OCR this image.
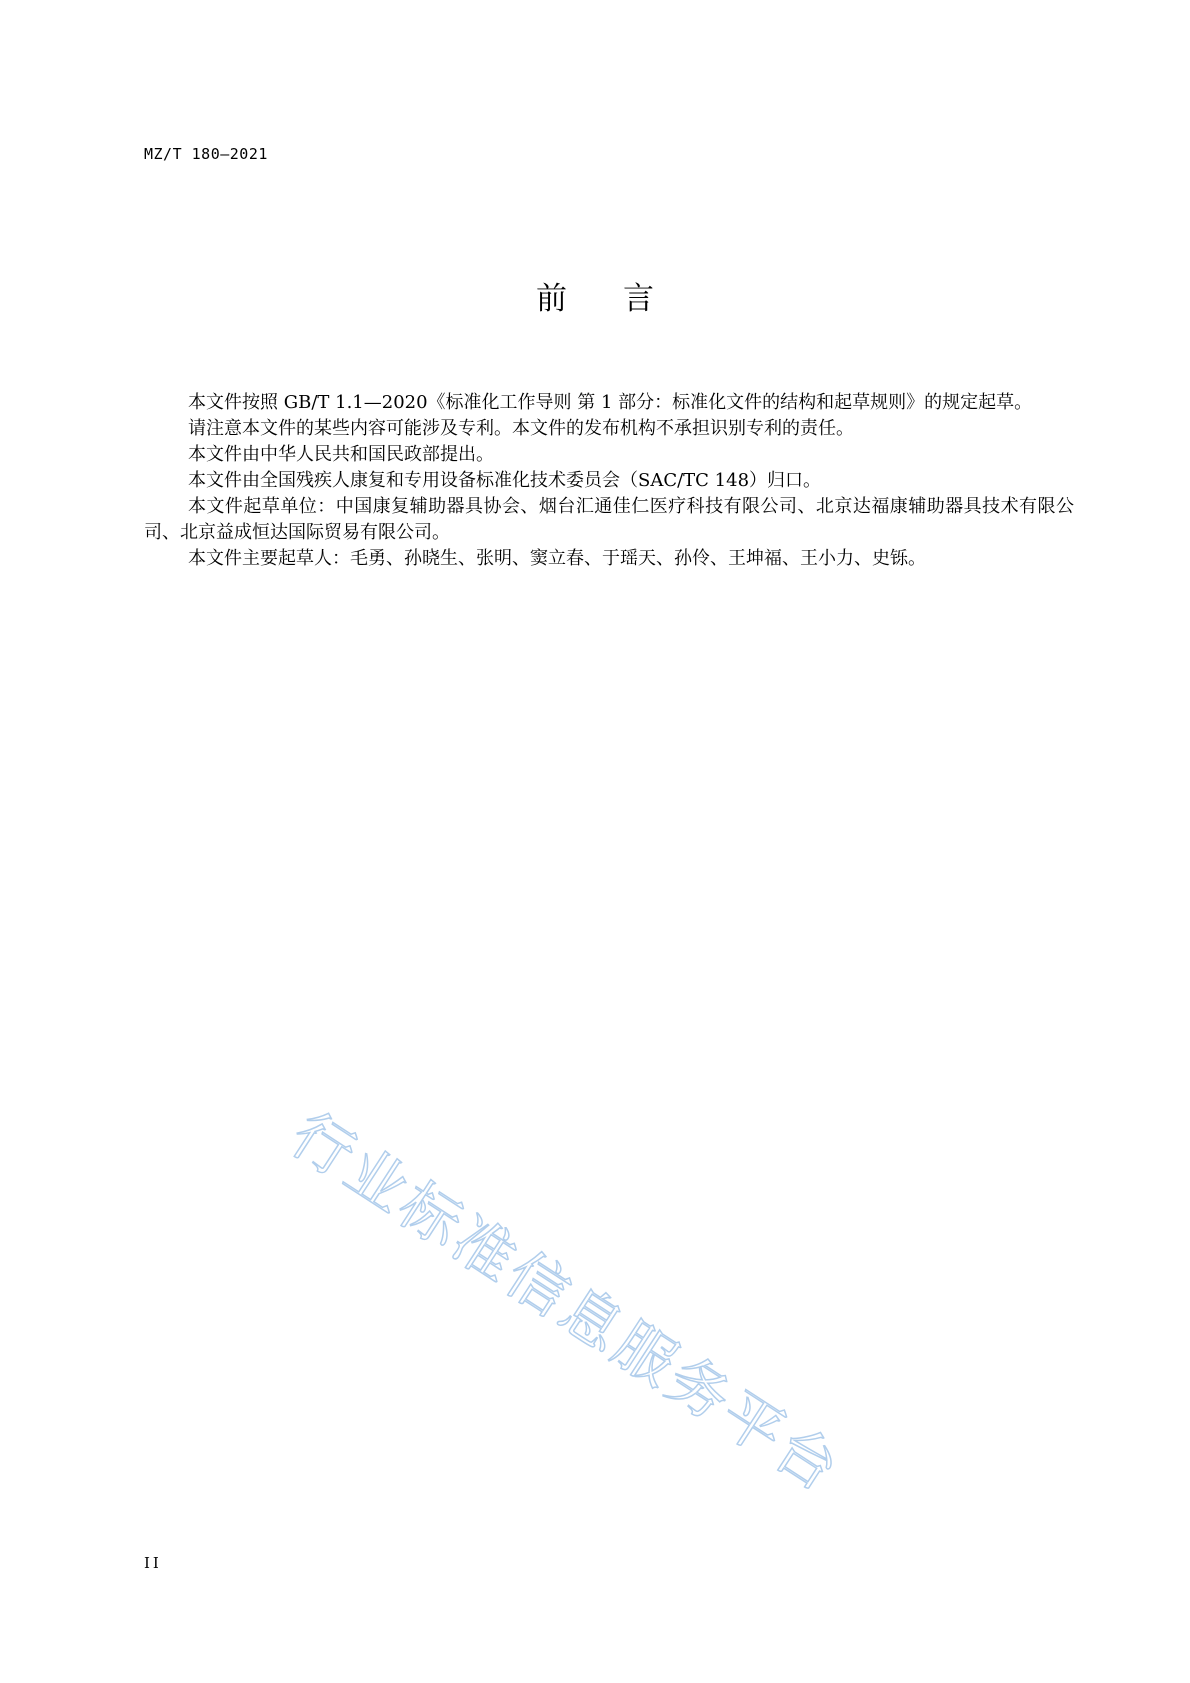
MZ/T 180—2021
前言

本文件按照 GB/T 1.1—2020《标准化工作导则 第 1 部分：标准化文件的结构和起草规则》的规定起草。

请注意本文件的某些内容可能涉及专利。本文件的发布机构不承担识别专利的责任。

本文件由中华人民共和国民政部提出。

本文件由全国残疾人康复和专用设备标准化技术委员会（SAC/TC 148）归口。

本文件起草单位：中国康复辅助器具协会、烟台汇通佳仁医疗科技有限公司、北京达福康辅助器具技术有限公司、北京益成恒达国际贸易有限公司。

本文件主要起草人：毛勇、孙晓生、张明、窦立春、于瑶天、孙伶、王坤福、王小力、史铄。

行业标准信息服务平台
II
